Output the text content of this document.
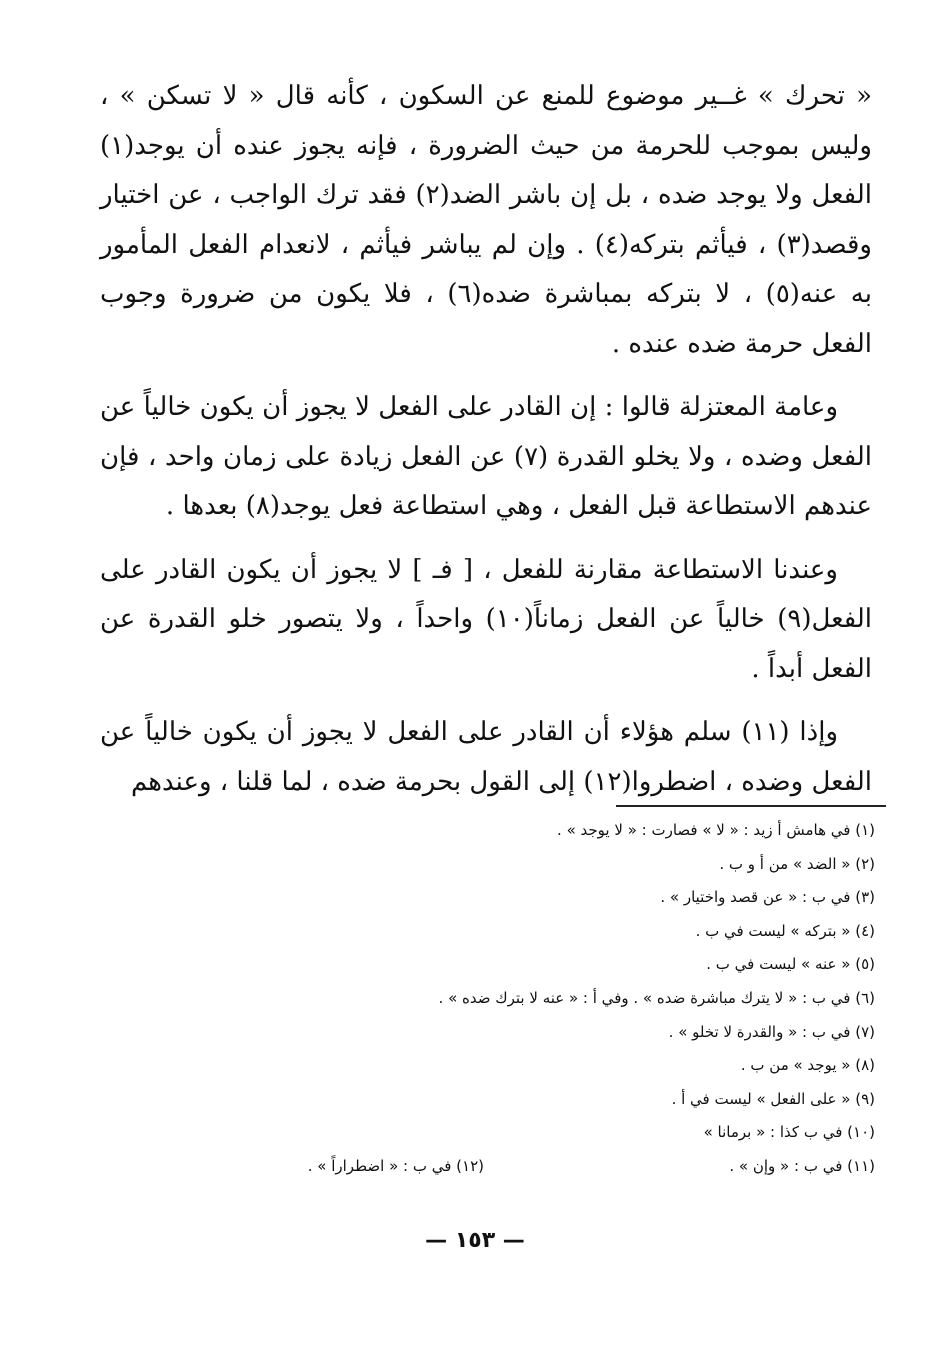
« تحرك » غــير موضوع للمنع عن السكون ، كأنه قال « لا تسكن » ، وليس بموجب للحرمة من حيث الضرورة ، فإنه يجوز عنده أن يوجد(١) الفعل ولا يوجد ضده ، بل إن باشر الضد(٢) فقد ترك الواجب ، عن اختيار وقصد(٣) ، فيأثم بتركه(٤) . وإن لم يباشر فيأثم ، لانعدام الفعل المأمور به عنه(٥) ، لا بتركه بمباشرة ضده(٦) ، فلا يكون من ضرورة وجوب الفعل حرمة ضده عنده .

وعامة المعتزلة قالوا : إن القادر على الفعل لا يجوز أن يكون خالياً عن الفعل وضده ، ولا يخلو القدرة (٧) عن الفعل زيادة على زمان واحد ، فإن عندهم الاستطاعة قبل الفعل ، وهي استطاعة فعل يوجد(٨) بعدها .

وعندنا الاستطاعة مقارنة للفعل ، [ فـ ] لا يجوز أن يكون القادر على الفعل(٩) خالياً عن الفعل زماناً(١٠) واحداً ، ولا يتصور خلو القدرة عن الفعل أبداً .

وإذا (١١) سلم هؤلاء أن القادر على الفعل لا يجوز أن يكون خالياً عن الفعل وضده ، اضطروا(١٢) إلى القول بحرمة ضده ، لما قلنا ، وعندهم

(١) في هامش أ زيد : « لا » فصارت : « لا يوجد » .
(٢) « الضد » من أ و ب .
(٣) في ب : « عن قصد واختيار » .
(٤) « بتركه » ليست في ب .
(٥) « عنه » ليست في ب .
(٦) في ب : « لا يترك مباشرة ضده » . وفي أ : « عنه لا بترك ضده » .
(٧) في ب : « والقدرة لا تخلو » .
(٨) « يوجد » من ب .
(٩) « على الفعل » ليست في أ .
(١٠) في ب كذا : « برمانا »
(١١) في ب : « وإن » .
(١٢) في ب : « اضطراراً » .
— ١٥٣ —
